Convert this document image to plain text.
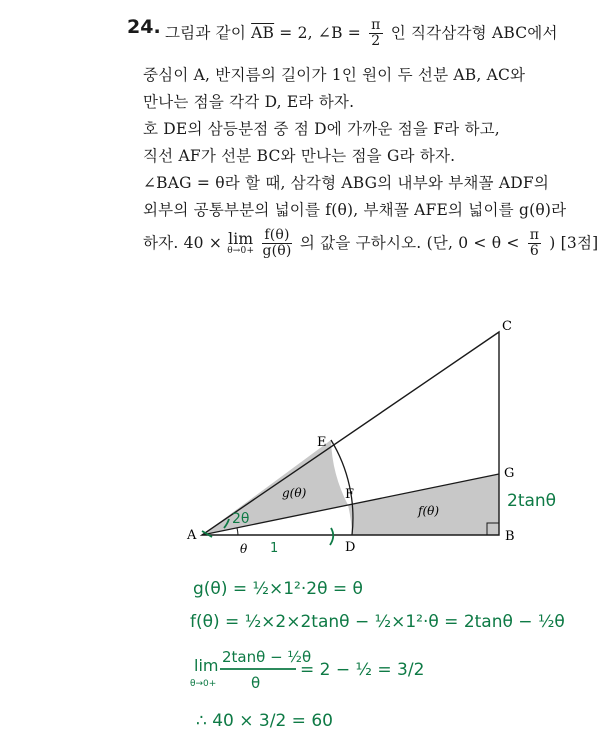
24. 그림과 같이 $\overline{AB} = 2$, ∠B = $\frac{\pi}{2}$ 인 직각삼각형 ABC에서
중심이 A, 반지름의 길이가 1인 원이 두 선분 AB, AC와
만나는 점을 각각 D, E라 하자.
호 DE의 삼등분점 중 점 D에 가까운 점을 F라 하고,
직선 AF가 선분 BC와 만나는 점을 G라 하자.
∠BAG = θ라 할 때, 삼각형 ABG의 내부와 부채꼴 ADF의
외부의 공통부분의 넓이를 f(θ), 부채꼴 AFE의 넓이를 g(θ)라
하자. 40 × lim
θ→0+
$\frac{f(\theta)}{g(\theta)}$ 의 값을 구하시오. (단, $0 < \theta < \frac{\pi}{6}$ ) [3점]
A	B
C
D
E
F
G
g(θ)
f(θ)
θ
2θ
1
2tanθ
g(θ) = ½×1²·2θ = θ
f(θ) = ½×2×2tanθ − ½×1²·θ = 2tanθ − ½θ
lim
θ→0+
2tanθ − ½θ
θ
= 2 − ½ = 3/2
∴ 40 × 3/2 = 60
